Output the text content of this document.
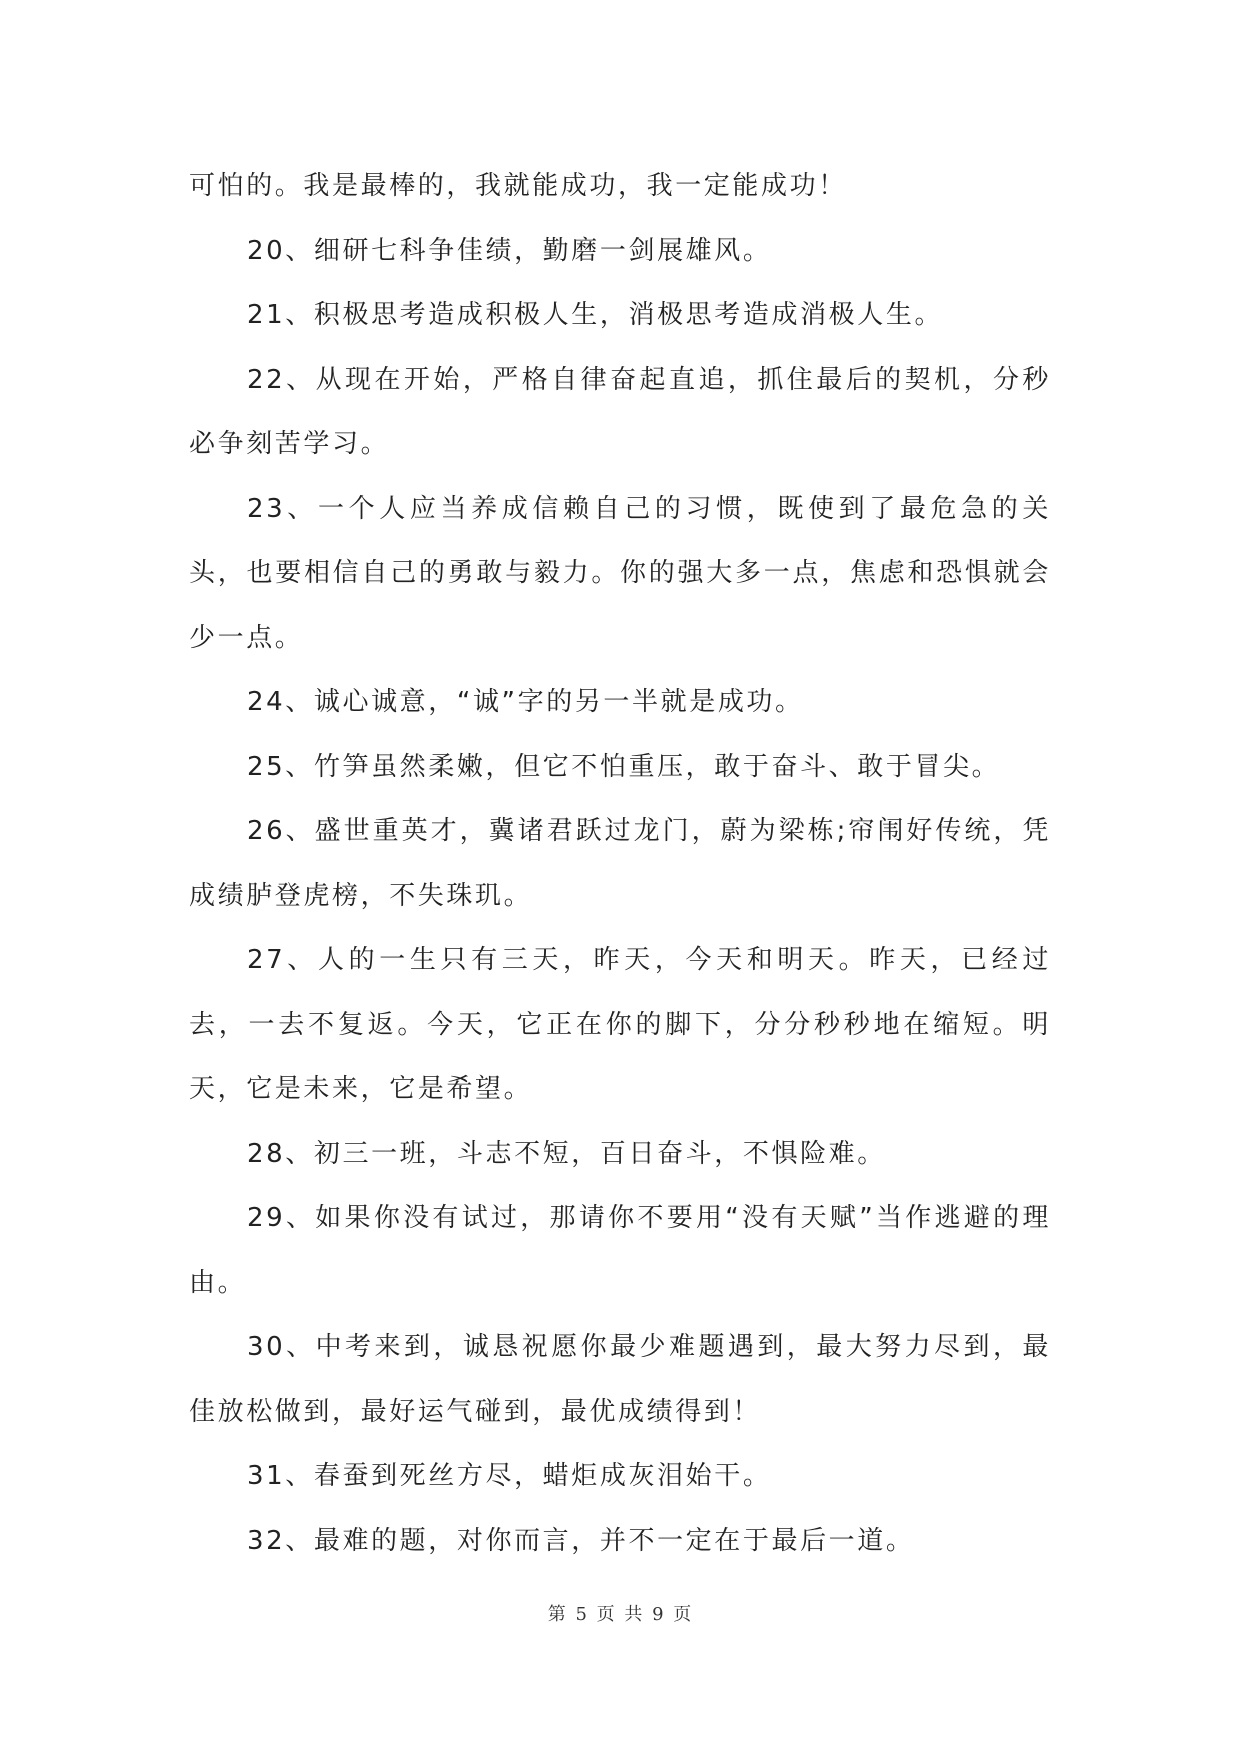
可怕的。我是最棒的，我就能成功，我一定能成功！

20、细研七科争佳绩，勤磨一剑展雄风。

21、积极思考造成积极人生，消极思考造成消极人生。

22、从现在开始，严格自律奋起直追，抓住最后的契机，分秒必争刻苦学习。

23、一个人应当养成信赖自己的习惯，既使到了最危急的关头，也要相信自己的勇敢与毅力。你的强大多一点，焦虑和恐惧就会少一点。

24、诚心诚意，“诚”字的另一半就是成功。

25、竹笋虽然柔嫩，但它不怕重压，敢于奋斗、敢于冒尖。

26、盛世重英才，冀诸君跃过龙门，蔚为梁栋;帘闱好传统，凭成绩胪登虎榜，不失珠玑。

27、人的一生只有三天，昨天，今天和明天。昨天，已经过去，一去不复返。今天，它正在你的脚下，分分秒秒地在缩短。明天，它是未来，它是希望。

28、初三一班，斗志不短，百日奋斗，不惧险难。

29、如果你没有试过，那请你不要用“没有天赋”当作逃避的理由。

30、中考来到，诚恳祝愿你最少难题遇到，最大努力尽到，最佳放松做到，最好运气碰到，最优成绩得到！

31、春蚕到死丝方尽，蜡炬成灰泪始干。

32、最难的题，对你而言，并不一定在于最后一道。

第 5 页 共 9 页
